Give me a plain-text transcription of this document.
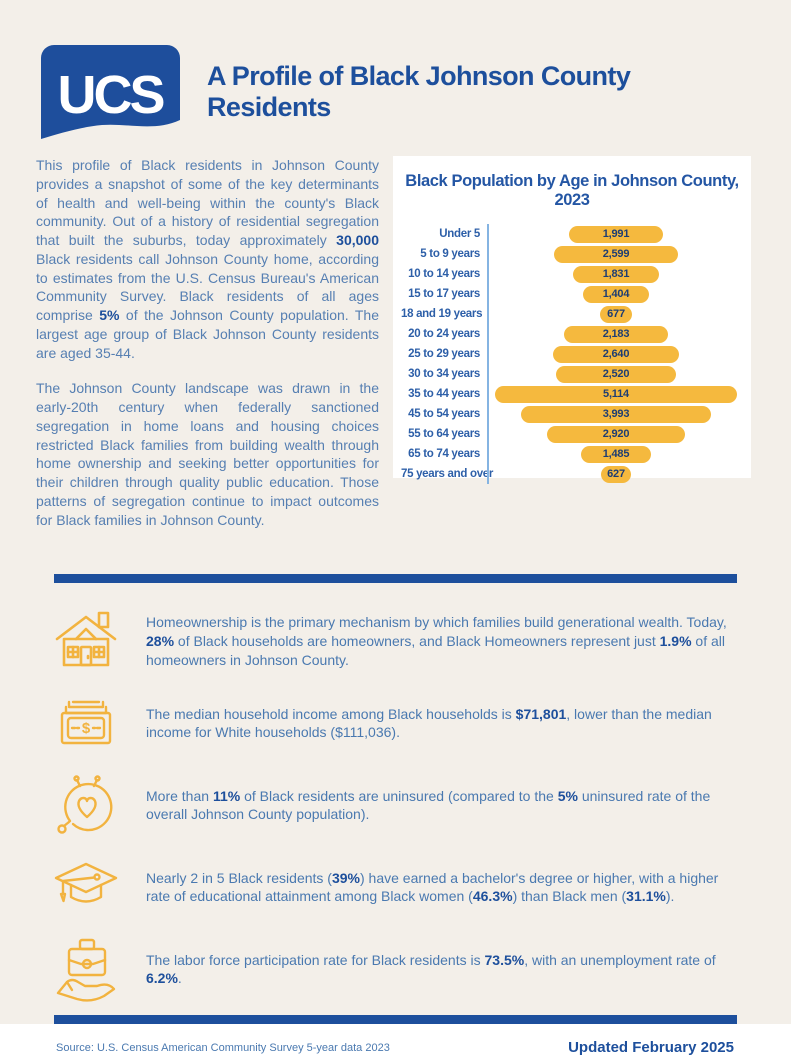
UCS A Profile of Black Johnson County Residents

This profile of Black residents in Johnson County provides a snapshot of some of the key determinants of health and well-being within the county's Black community. Out of a history of residential segregation that built the suburbs, today approximately 30,000 Black residents call Johnson County home, according to estimates from the U.S. Census Bureau's American Community Survey. Black residents of all ages comprise 5% of the Johnson County population. The largest age group of Black Johnson County residents are aged 35-44.

The Johnson County landscape was drawn in the early-20th century when federally sanctioned segregation in home loans and housing choices restricted Black families from building wealth through home ownership and seeking better opportunities for their children through quality public education. Those patterns of segregation continue to impact outcomes for Black families in Johnson County.

Black Population by Age in Johnson County, 2023
Under 5	1,991
5 to 9 years	2,599
10 to 14 years	1,831
15 to 17 years	1,404
18 and 19 years	677
20 to 24 years	2,183
25 to 29 years	2,640
30 to 34 years	2,520
35 to 44 years	5,114
45 to 54 years	3,993
55 to 64 years	2,920
65 to 74 years	1,485
75 years and over	627
Homeownership is the primary mechanism by which families build generational wealth. Today, 28% of Black households are homeowners, and Black Homeowners represent just 1.9% of all homeowners in Johnson County.
$
The median household income among Black households is $71,801, lower than the median income for White households ($111,036).
More than 11% of Black residents are uninsured (compared to the 5% uninsured rate of the overall Johnson County population).
Nearly 2 in 5 Black residents (39%) have earned a bachelor's degree or higher, with a higher rate of educational attainment among Black women (46.3%) than Black men (31.1%).
The labor force participation rate for Black residents is 73.5%, with an unemployment rate of 6.2%.
Source: U.S. Census American Community Survey 5-year data 2023	Updated February 2025
